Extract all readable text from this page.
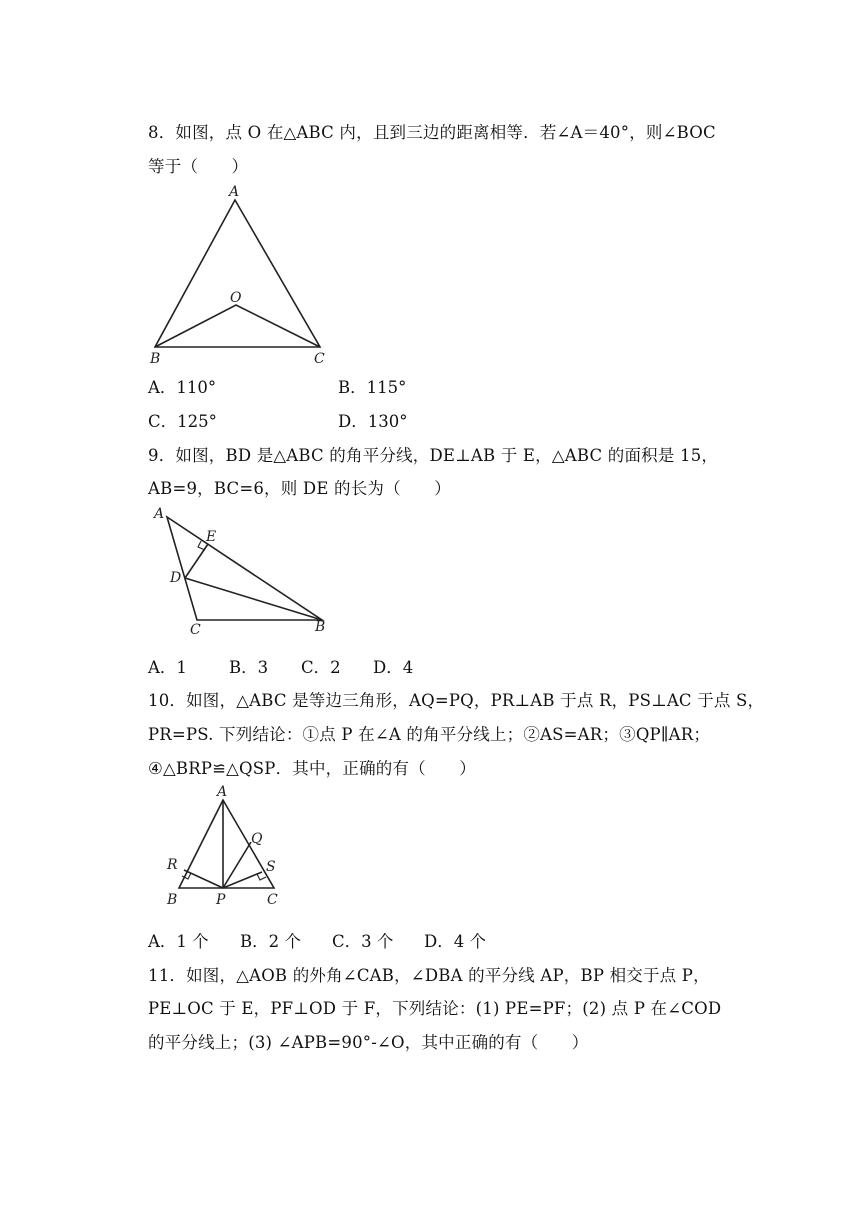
8．如图，点 O 在△ABC 内，且到三边的距离相等．若∠A＝40°，则∠BOC
等于（　　）
A
O
B	C
A．110°	B．115°
C．125°	D．130°
9．如图，BD 是△ABC 的角平分线，DE⊥AB 于 E，△ABC 的面积是 15，
AB=9，BC=6，则 DE 的长为（　　）
A
E
D
C	B
A．1	B．3 C．2 D．4
10．如图，△ABC 是等边三角形，AQ=PQ，PR⊥AB 于点 R，PS⊥AC 于点 S，
PR=PS. 下列结论：①点 P 在∠A 的角平分线上；②AS=AR；③QP∥AR；
④△BRP≌△QSP．其中，正确的有（　　）
A
Q
R	S
B	P	C
A．1 个 B．2 个 C．3 个 D．4 个
11．如图，△AOB 的外角∠CAB，∠DBA 的平分线 AP，BP 相交于点 P，
PE⊥OC 于 E，PF⊥OD 于 F，下列结论：(1) PE=PF；(2) 点 P 在∠COD
的平分线上；(3) ∠APB=90°-∠O，其中正确的有（　　）
